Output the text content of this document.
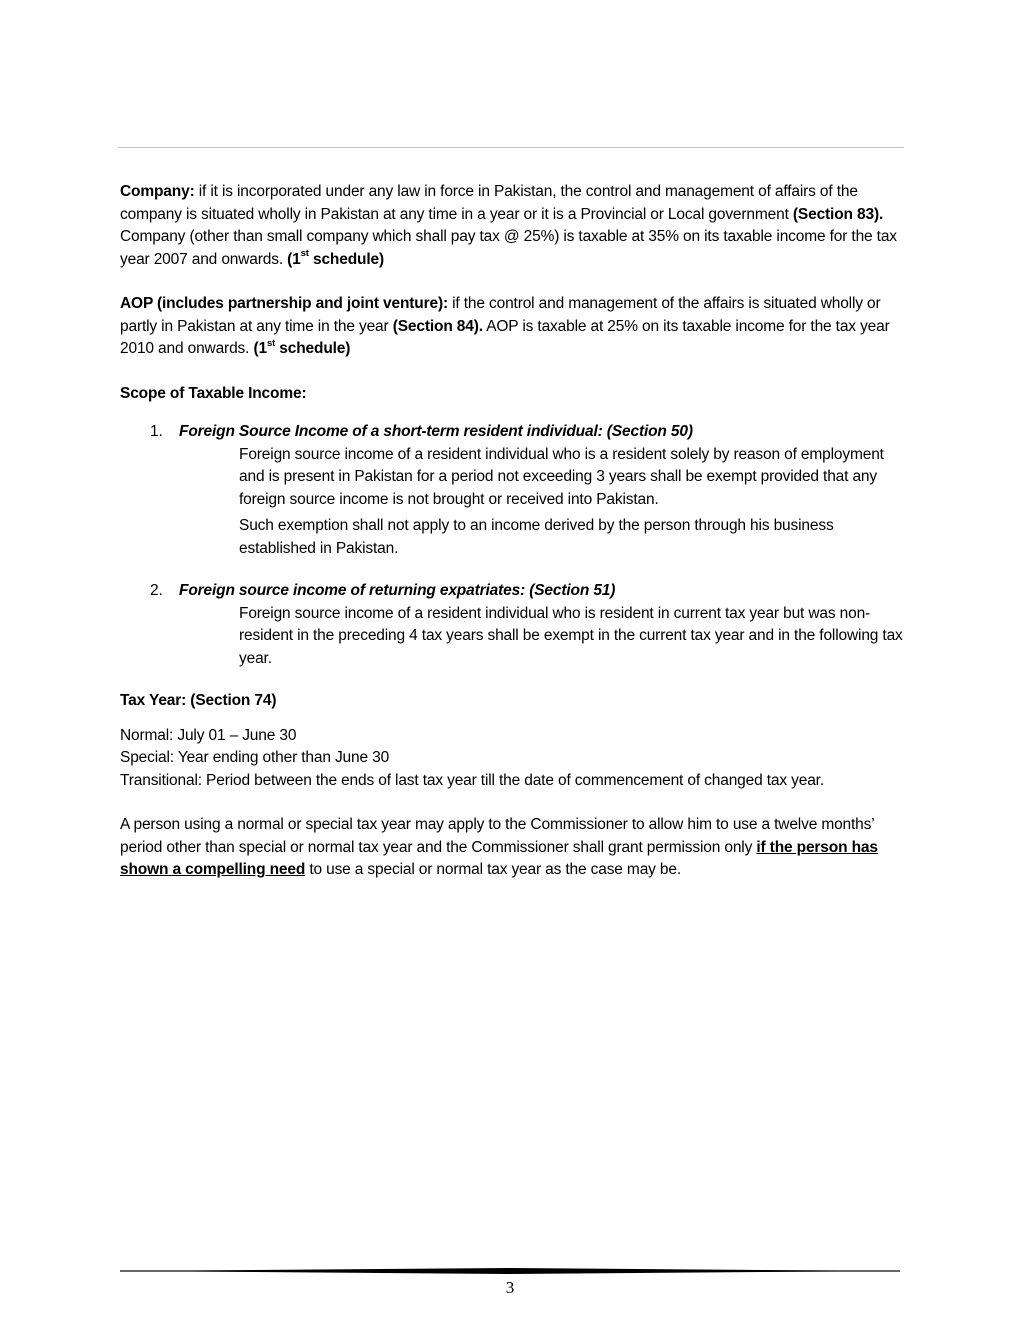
Company: if it is incorporated under any law in force in Pakistan, the control and management of affairs of the company is situated wholly in Pakistan at any time in a year or it is a Provincial or Local government (Section 83). Company (other than small company which shall pay tax @ 25%) is taxable at 35% on its taxable income for the tax year 2007 and onwards. (1st schedule)

AOP (includes partnership and joint venture): if the control and management of the affairs is situated wholly or partly in Pakistan at any time in the year (Section 84). AOP is taxable at 25% on its taxable income for the tax year 2010 and onwards. (1st schedule)

Scope of Taxable Income:

1. Foreign Source Income of a short-term resident individual: (Section 50)

Foreign source income of a resident individual who is a resident solely by reason of employment and is present in Pakistan for a period not exceeding 3 years shall be exempt provided that any foreign source income is not brought or received into Pakistan.

Such exemption shall not apply to an income derived by the person through his business established in Pakistan.

2. Foreign source income of returning expatriates: (Section 51)

Foreign source income of a resident individual who is resident in current tax year but was non-resident in the preceding 4 tax years shall be exempt in the current tax year and in the following tax year.

Tax Year: (Section 74)

Normal: July 01 – June 30

Special: Year ending other than June 30

Transitional: Period between the ends of last tax year till the date of commencement of changed tax year.

A person using a normal or special tax year may apply to the Commissioner to allow him to use a twelve months’ period other than special or normal tax year and the Commissioner shall grant permission only if the person has shown a compelling need to use a special or normal tax year as the case may be.

3
